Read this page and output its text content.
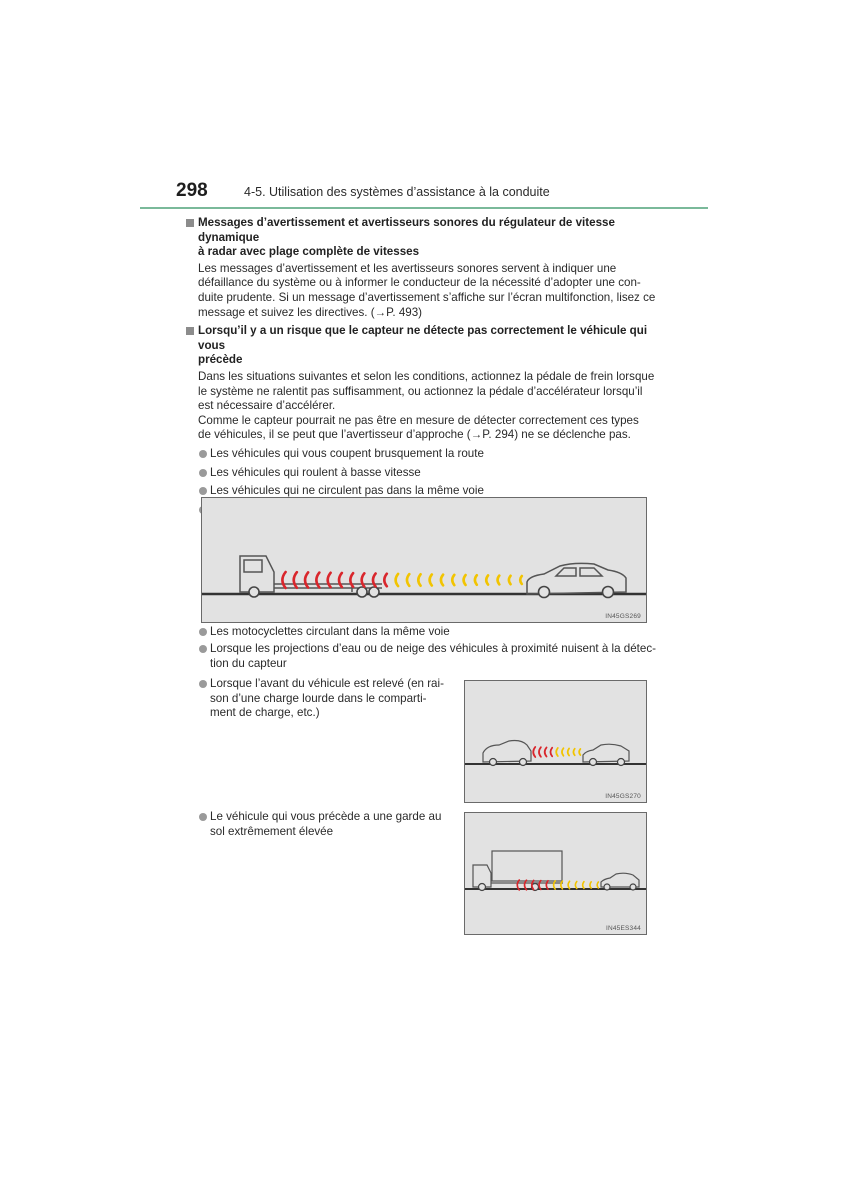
298	4-5. Utilisation des systèmes d’assistance à la conduite
Messages d’avertissement et avertisseurs sonores du régulateur de vitesse dynamique
à radar avec plage complète de vitesses
Les messages d’avertissement et les avertisseurs sonores servent à indiquer une
défaillance du système ou à informer le conducteur de la nécessité d’adopter une con-
duite prudente. Si un message d’avertissement s’affiche sur l’écran multifonction, lisez ce
message et suivez les directives. (→P. 493)
Lorsqu’il y a un risque que le capteur ne détecte pas correctement le véhicule qui vous
précède
Dans les situations suivantes et selon les conditions, actionnez la pédale de frein lorsque
le système ne ralentit pas suffisamment, ou actionnez la pédale d’accélérateur lorsqu’il
est nécessaire d’accélérer.
Comme le capteur pourrait ne pas être en mesure de détecter correctement ces types
de véhicules, il se peut que l’avertisseur d’approche (→P. 294) ne se déclenche pas.
Les véhicules qui vous coupent brusquement la route
Les véhicules qui roulent à basse vitesse
Les véhicules qui ne circulent pas dans la même voie
IN45GS269
Les motocyclettes circulant dans la même voie
Lorsque les projections d’eau ou de neige des véhicules à proximité nuisent à la détec-
tion du capteur
Lorsque l’avant du véhicule est relevé (en rai-
son d’une charge lourde dans le comparti-
ment de charge, etc.)
Le véhicule qui vous précède a une garde au
sol extrêmement élevée
IN45GS270
IN45ES344
